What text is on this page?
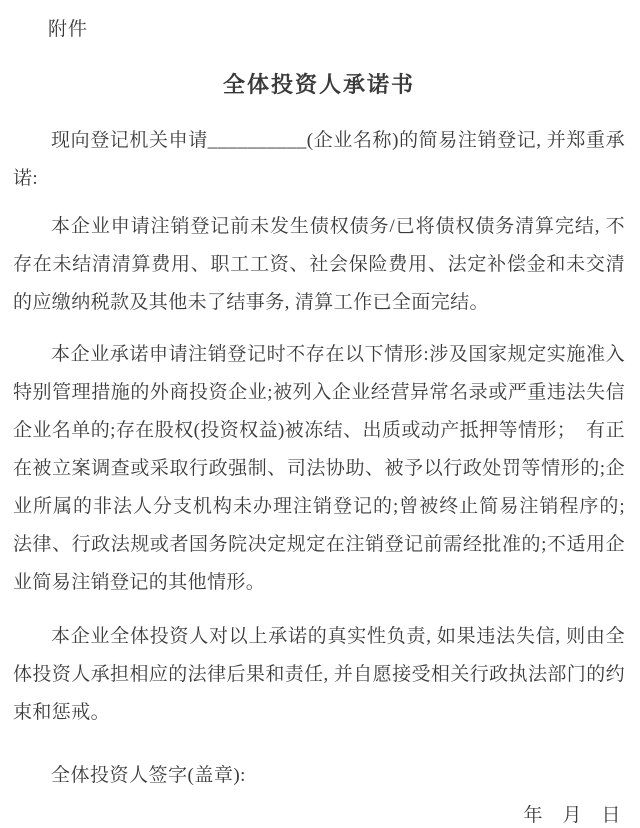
附件
全体投资人承诺书

现向登记机关申请__________(企业名称)的简易注销登记, 并郑重承诺:

本企业申请注销登记前未发生债权债务/已将债权债务清算完结, 不存在未结清清算费用、职工工资、社会保险费用、法定补偿金和未交清的应缴纳税款及其他未了结事务, 清算工作已全面完结。

本企业承诺申请注销登记时不存在以下情形:涉及国家规定实施准入特别管理措施的外商投资企业;被列入企业经营异常名录或严重违法失信企业名单的;存在股权(投资权益)被冻结、出质或动产抵押等情形；　有正在被立案调查或采取行政强制、司法协助、被予以行政处罚等情形的;企业所属的非法人分支机构未办理注销登记的;曾被终止简易注销程序的;法律、行政法规或者国务院决定规定在注销登记前需经批准的;不适用企业简易注销登记的其他情形。

本企业全体投资人对以上承诺的真实性负责, 如果违法失信, 则由全体投资人承担相应的法律后果和责任, 并自愿接受相关行政执法部门的约束和惩戒。

全体投资人签字(盖章):
年　月　日
